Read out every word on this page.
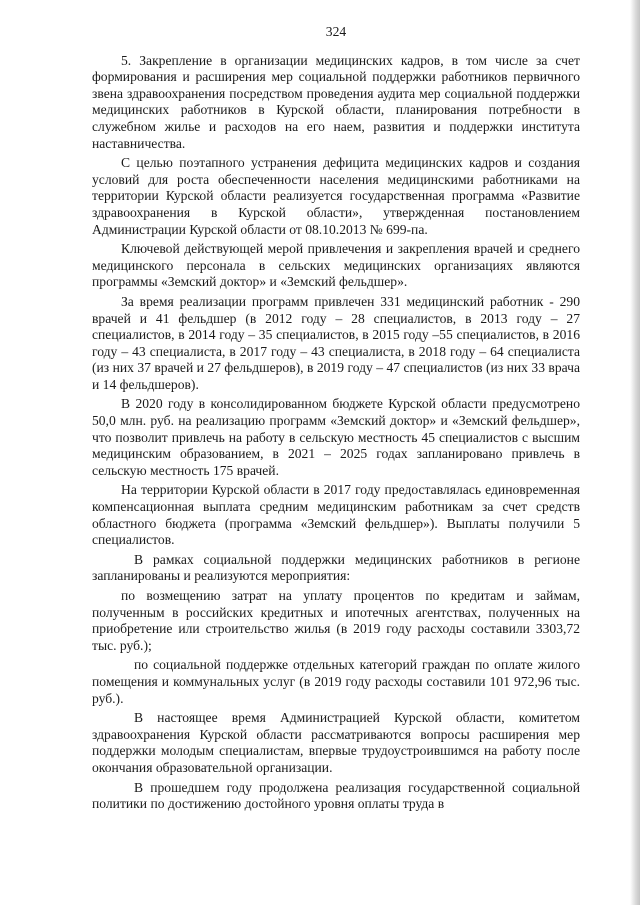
324

5. Закрепление в организации медицинских кадров, в том числе за счет формирования и расширения мер социальной поддержки работников первичного звена здравоохранения посредством проведения аудита мер социальной поддержки медицинских работников в Курской области, планирования потребности в служебном жилье и расходов на его наем, развития и поддержки института наставничества.

С целью поэтапного устранения дефицита медицинских кадров и создания условий для роста обеспеченности населения медицинскими работниками на территории Курской области реализуется государственная программа «Развитие здравоохранения в Курской области», утвержденная постановлением Администрации Курской области от 08.10.2013 № 699-па.

Ключевой действующей мерой привлечения и закрепления врачей и среднего медицинского персонала в сельских медицинских организациях являются программы «Земский доктор» и «Земский фельдшер».

За время реализации программ привлечен 331 медицинский работник - 290 врачей и 41 фельдшер (в 2012 году – 28 специалистов, в 2013 году – 27 специалистов, в 2014 году – 35 специалистов, в 2015 году –55 специалистов, в 2016 году – 43 специалиста, в 2017 году – 43 специалиста, в 2018 году – 64 специалиста (из них 37 врачей и 27 фельдшеров), в 2019 году – 47 специалистов (из них 33 врача и 14 фельдшеров).

В 2020 году в консолидированном бюджете Курской области предусмотрено 50,0 млн. руб. на реализацию программ «Земский доктор» и «Земский фельдшер», что позволит привлечь на работу в сельскую местность 45 специалистов с высшим медицинским образованием, в 2021 – 2025 годах запланировано привлечь в сельскую местность 175 врачей.

На территории Курской области в 2017 году предоставлялась единовременная компенсационная выплата средним медицинским работникам за счет средств областного бюджета (программа «Земский фельдшер»). Выплаты получили 5 специалистов.

В рамках социальной поддержки медицинских работников в регионе запланированы и реализуются мероприятия:

по возмещению затрат на уплату процентов по кредитам и займам, полученным в российских кредитных и ипотечных агентствах, полученных на приобретение или строительство жилья (в 2019 году расходы составили 3303,72 тыс. руб.);

по социальной поддержке отдельных категорий граждан по оплате жилого помещения и коммунальных услуг (в 2019 году расходы составили 101 972,96 тыс. руб.).

В настоящее время Администрацией Курской области, комитетом здравоохранения Курской области рассматриваются вопросы расширения мер поддержки молодым специалистам, впервые трудоустроившимся на работу после окончания образовательной организации.

В прошедшем году продолжена реализация государственной социальной политики по достижению достойного уровня оплаты труда в
